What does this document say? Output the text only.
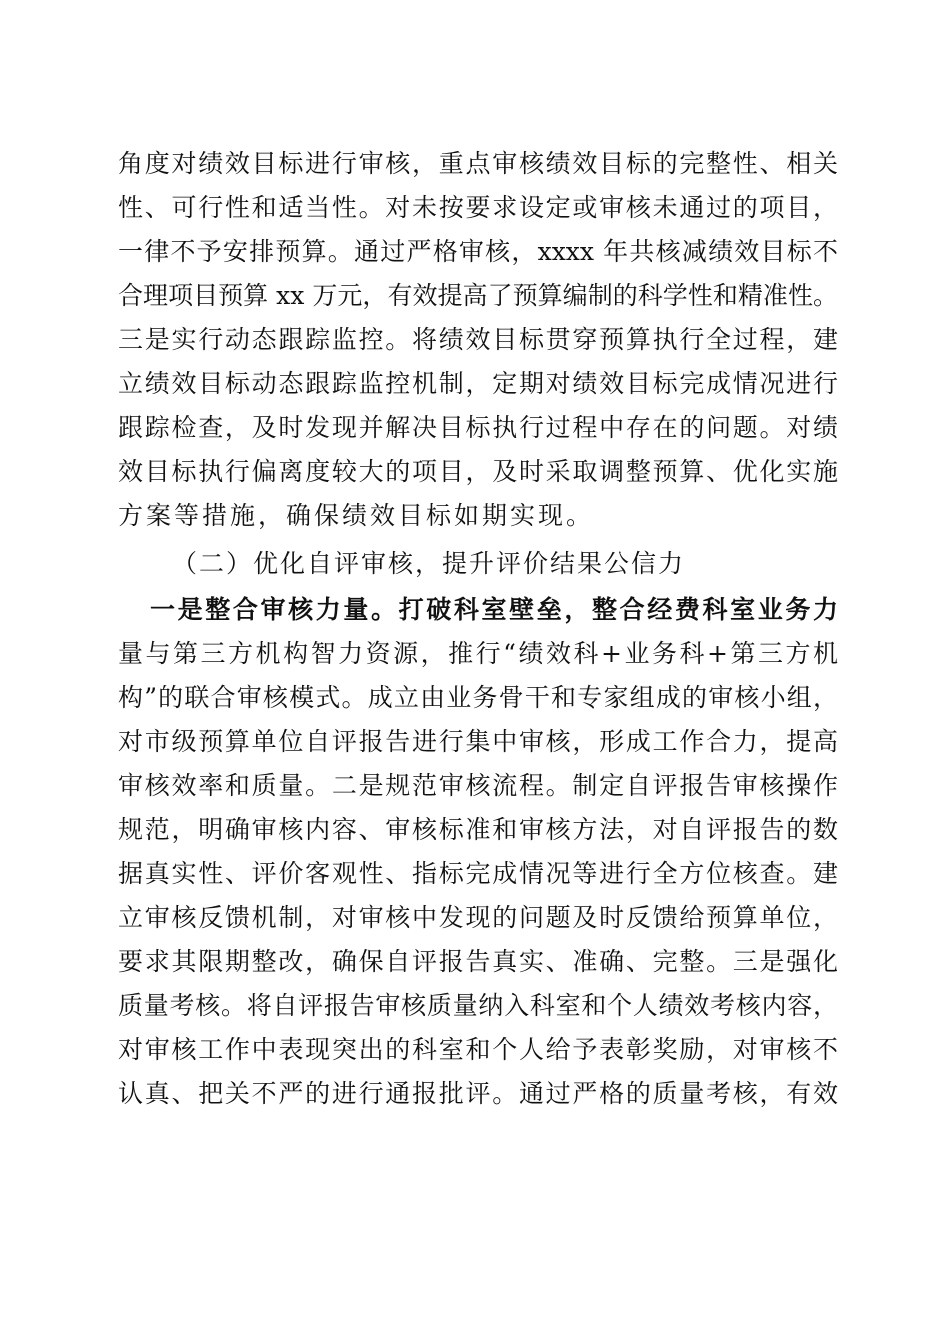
角度对绩效目标进行审核，重点审核绩效目标的完整性、相关
性、可行性和适当性。对未按要求设定或审核未通过的项目，
一律不予安排预算。通过严格审核，xxxx 年共核减绩效目标不
合理项目预算 xx 万元，有效提高了预算编制的科学性和精准性。
三是实行动态跟踪监控。将绩效目标贯穿预算执行全过程，建
立绩效目标动态跟踪监控机制，定期对绩效目标完成情况进行
跟踪检查，及时发现并解决目标执行过程中存在的问题。对绩
效目标执行偏离度较大的项目，及时采取调整预算、优化实施
方案等措施，确保绩效目标如期实现。
（二）优化自评审核，提升评价结果公信力
一是整合审核力量。打破科室壁垒，整合经费科室业务力
量与第三方机构智力资源，推行“绩效科+业务科+第三方机
构”的联合审核模式。成立由业务骨干和专家组成的审核小组，
对市级预算单位自评报告进行集中审核，形成工作合力，提高
审核效率和质量。二是规范审核流程。制定自评报告审核操作
规范，明确审核内容、审核标准和审核方法，对自评报告的数
据真实性、评价客观性、指标完成情况等进行全方位核查。建
立审核反馈机制，对审核中发现的问题及时反馈给预算单位，
要求其限期整改，确保自评报告真实、准确、完整。三是强化
质量考核。将自评报告审核质量纳入科室和个人绩效考核内容，
对审核工作中表现突出的科室和个人给予表彰奖励，对审核不
认真、把关不严的进行通报批评。通过严格的质量考核，有效
